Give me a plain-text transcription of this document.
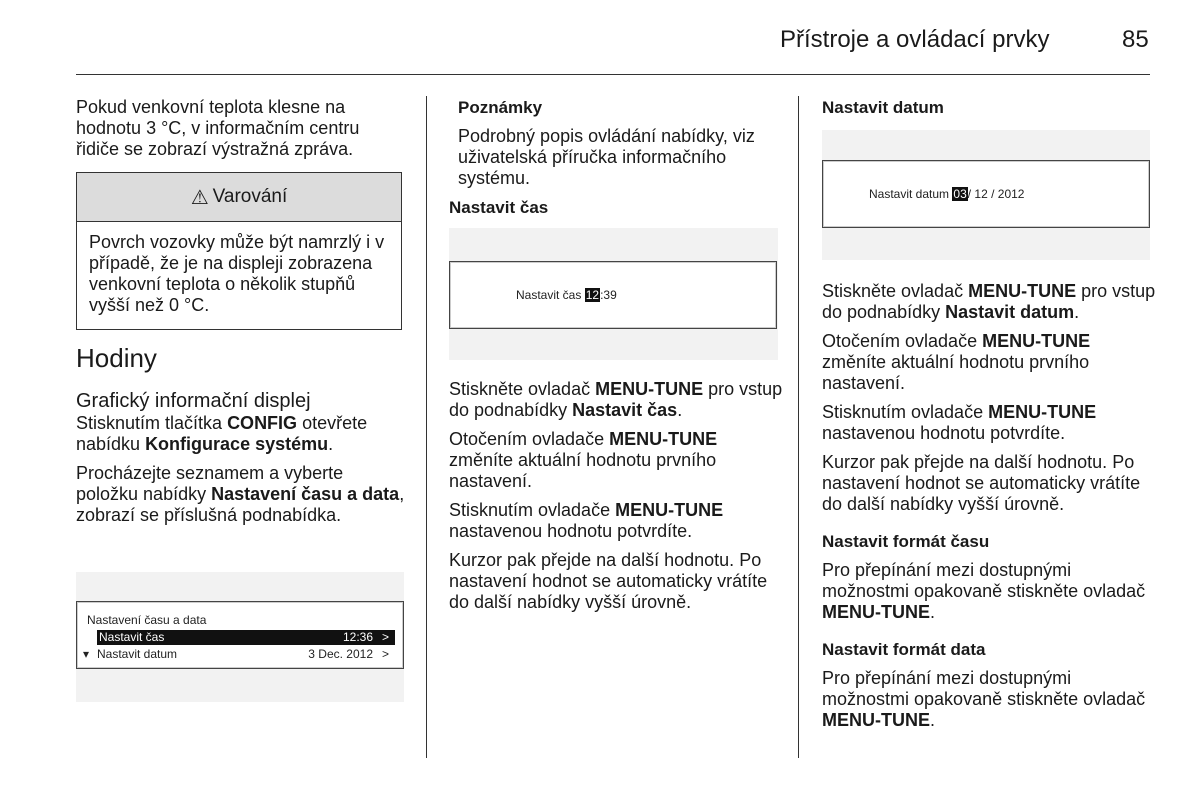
Přístroje a ovládací prvky	85

Pokud venkovní teplota klesne na hodnotu 3 °C, v informačním centru řidiče se zobrazí výstražná zpráva.

⚠ Varování
Povrch vozovky může být namrzlý i v případě, že je na displeji zobrazena venkovní teplota o několik stupňů vyšší než 0 °C.
Hodiny
Grafický informační displej

Stisknutím tlačítka CONFIG otevřete nabídku Konfigurace systému.

Procházejte seznamem a vyberte položku nabídky Nastavení času a data, zobrazí se příslušná podnabídka.

Nastavení času a data
Nastavit čas	12:36 >
▾ Nastavit datum	3 Dec. 2012 >

Poznámky

Podrobný popis ovládání nabídky, viz uživatelská příručka informačního systému.

Nastavit čas

Nastavit čas 12:39

Stiskněte ovladač MENU-TUNE pro vstup do podnabídky Nastavit čas.

Otočením ovladače MENU-TUNE změníte aktuální hodnotu prvního nastavení.

Stisknutím ovladače MENU-TUNE nastavenou hodnotu potvrdíte.

Kurzor pak přejde na další hodnotu. Po nastavení hodnot se automaticky vrátíte do další nabídky vyšší úrovně.

Nastavit datum

Nastavit datum 03/ 12 / 2012

Stiskněte ovladač MENU-TUNE pro vstup do podnabídky Nastavit datum.

Otočením ovladače MENU-TUNE změníte aktuální hodnotu prvního nastavení.

Stisknutím ovladače MENU-TUNE nastavenou hodnotu potvrdíte.

Kurzor pak přejde na další hodnotu. Po nastavení hodnot se automaticky vrátíte do další nabídky vyšší úrovně.

Nastavit formát času

Pro přepínání mezi dostupnými možnostmi opakovaně stiskněte ovladač MENU-TUNE.

Nastavit formát data

Pro přepínání mezi dostupnými možnostmi opakovaně stiskněte ovladač MENU-TUNE.
